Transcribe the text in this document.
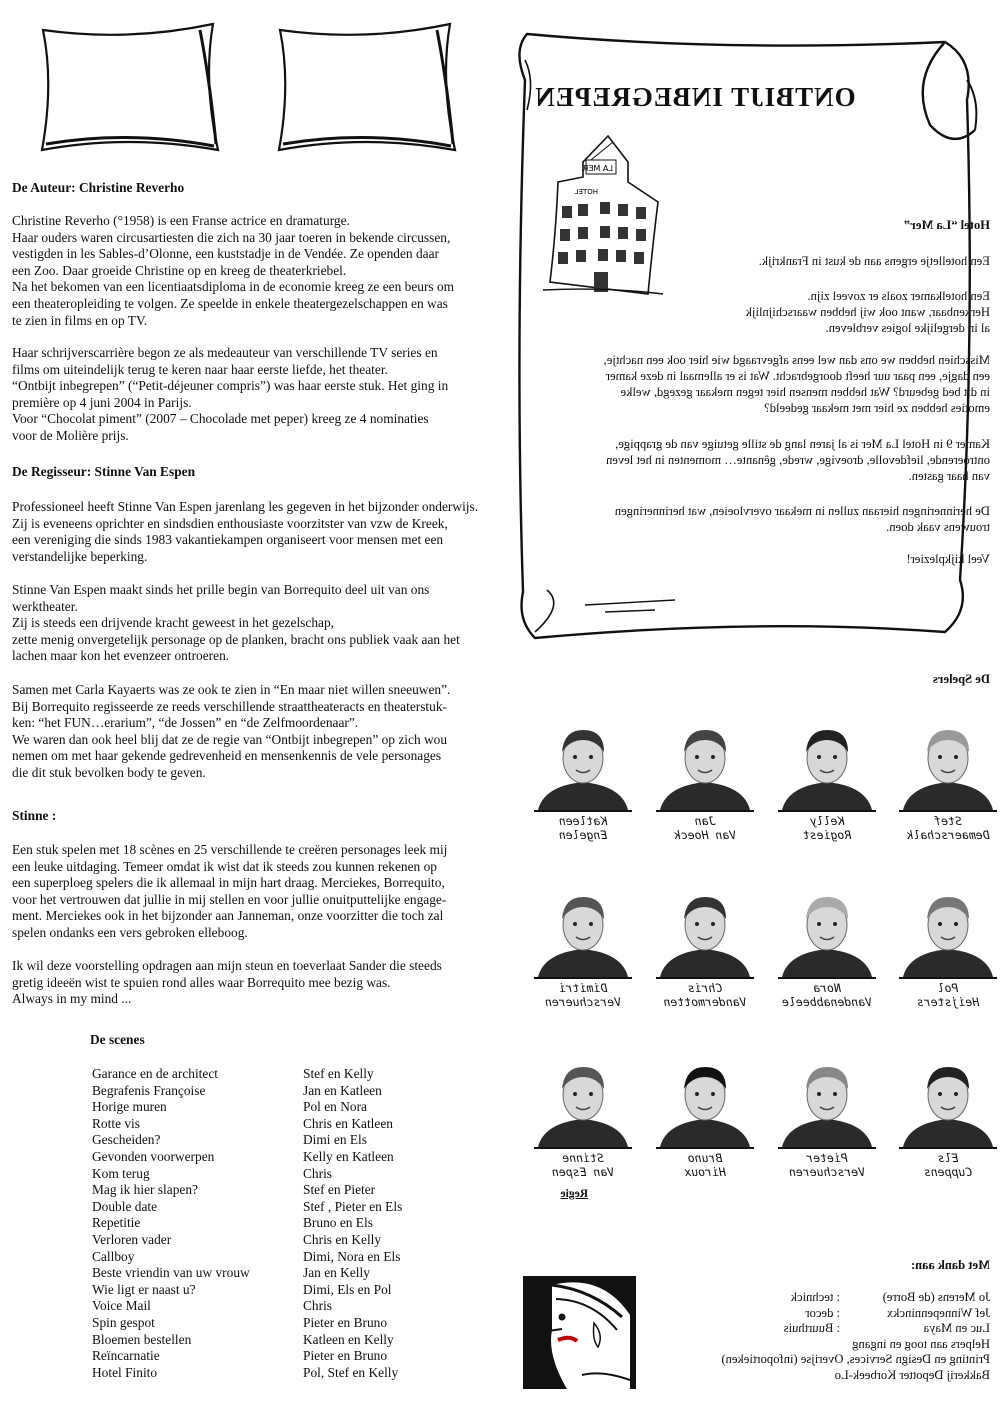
De Auteur: Christine Reverho
Christine Reverho (°1958) is een Franse actrice en dramaturge.
Haar ouders waren circusartiesten die zich na 30 jaar toeren in bekende circussen,
vestigden in les Sables-d’Olonne, een kuststadje in de Vendée. Ze openden daar
een Zoo. Daar groeide Christine op en kreeg de theaterkriebel.
Na het bekomen van een licentiaatsdiploma in de economie kreeg ze een beurs om
een theateropleiding te volgen. Ze speelde in enkele theatergezelschappen en was
te zien in films en op TV.
Haar schrijverscarrière begon ze als medeauteur van verschillende TV series en
films om uiteindelijk terug te keren naar haar eerste liefde, het theater.
“Ontbijt inbegrepen” (“Petit-déjeuner compris”) was haar eerste stuk. Het ging in
première op 4 juni 2004 in Parijs.
Voor “Chocolat piment” (2007 – Chocolade met peper) kreeg ze 4 nominaties
voor de Molière prijs.
De Regisseur: Stinne Van Espen
Professioneel heeft Stinne Van Espen jarenlang les gegeven in het bijzonder onderwijs.
Zij is eveneens oprichter en sindsdien enthousiaste voorzitster van vzw de Kreek,
een vereniging die sinds 1983 vakantiekampen organiseert voor mensen met een
verstandelijke beperking.
Stinne Van Espen maakt sinds het prille begin van Borrequito deel uit van ons
werktheater.
Zij is steeds een drijvende kracht geweest in het gezelschap,
zette menig onvergetelijk personage op de planken, bracht ons publiek vaak aan het
lachen maar kon het evenzeer ontroeren.
Samen met Carla Kayaerts was ze ook te zien in “En maar niet willen sneeuwen”.
Bij Borrequito regisseerde ze reeds verschillende straattheateracts en theaterstuk-
ken: “het FUN…erarium”, “de Jossen” en “de Zelfmoordenaar”.
We waren dan ook heel blij dat ze de regie van “Ontbijt inbegrepen” op zich wou
nemen om met haar gekende gedrevenheid en mensenkennis de vele personages
die dit stuk bevolken body te geven.
Stinne :
Een stuk spelen met 18 scènes en 25 verschillende te creëren personages leek mij
een leuke uitdaging. Temeer omdat ik wist dat ik steeds zou kunnen rekenen op
een superploeg spelers die ik allemaal in mijn hart draag. Merciekes, Borrequito,
voor het vertrouwen dat jullie in mij stellen en voor jullie onuitputtelijke engage-
ment. Merciekes ook in het bijzonder aan Janneman, onze voorzitter die toch zal
spelen ondanks een vers gebroken elleboog.
Ik wil deze voorstelling opdragen aan mijn steun en toeverlaat Sander die steeds
gretig ideeën wist te spuien rond alles waar Borrequito mee bezig was.
Always in my mind ...
De scenes
Garance en de architect	Stef en Kelly
Begrafenis Françoise	Jan en Katleen
Horige muren	Pol en Nora
Rotte vis	Chris en Katleen
Gescheiden?	Dimi en Els
Gevonden voorwerpen	Kelly en Katleen
Kom terug	Chris
Mag ik hier slapen?	Stef en Pieter
Double date	Stef , Pieter en Els
Repetitie	Bruno en Els
Verloren vader	Chris en Kelly
Callboy	Dimi, Nora en Els
Beste vriendin van uw vrouw	Jan en Kelly
Wie ligt er naast u?	Dimi, Els en Pol
Voice Mail	Chris
Spin gespot	Pieter en Bruno
Bloemen bestellen	Katleen en Kelly
Reïncarnatie	Pieter en Bruno
Hotel Finito	Pol, Stef en Kelly
ONTBIJT INBEGREPEN
LA MER
HOTEL
Hotel “La Mer”
Een hotelletje ergens aan de kust in Frankrijk.
Een hotelkamer zoals er zoveel zijn.
Herkenbaar, want ook wij hebben waarschijnlijk
al in dergelijke logies verbleven.
Misschien hebben we ons dan wel eens afgevraagd wie hier ook een nachtje,
een dagje, een paar uur heeft doorgebracht. Wat is er allemaal in deze kamer
in dit bed gebeurd? Wat hebben mensen hier tegen mekaar gezegd, welke
emoties hebben ze hier met mekaar gedeeld?
Kamer 9 in Hotel La Mer is al jaren lang de stille getuige van de grappige,
ontroerende, liefdevolle, droevige, wrede, gênante… momenten in het leven
van haar gasten.
De herinneringen hieraan zullen in mekaar overvloeien, wat herinneringen
trouwens vaak doen.
Veel kijkplezier!
De Spelers
Stef
Demaerschalk
Kelly
Rogiest
Jan
Van Hoeck
Katleen
Engelen
Pol
Heijsters
Nora
Vandenabbeele
Chris
Vandermotten
Dimitri
Verschueren
Els
Cuppens
Pieter
Verschueren
Bruno
Hiroux
Stinne
Van Espen
Regie
Met dank aan:
Jo Merens (de Borre)
: technick
Jef Winnepenninckx
: decor
Luc en Maya
: Buurthuis
Helpers aan toog en ingang
Printing en Design Services, Overijse (infoportieken)
Bakkerij Depotter Korbeek-Lo
